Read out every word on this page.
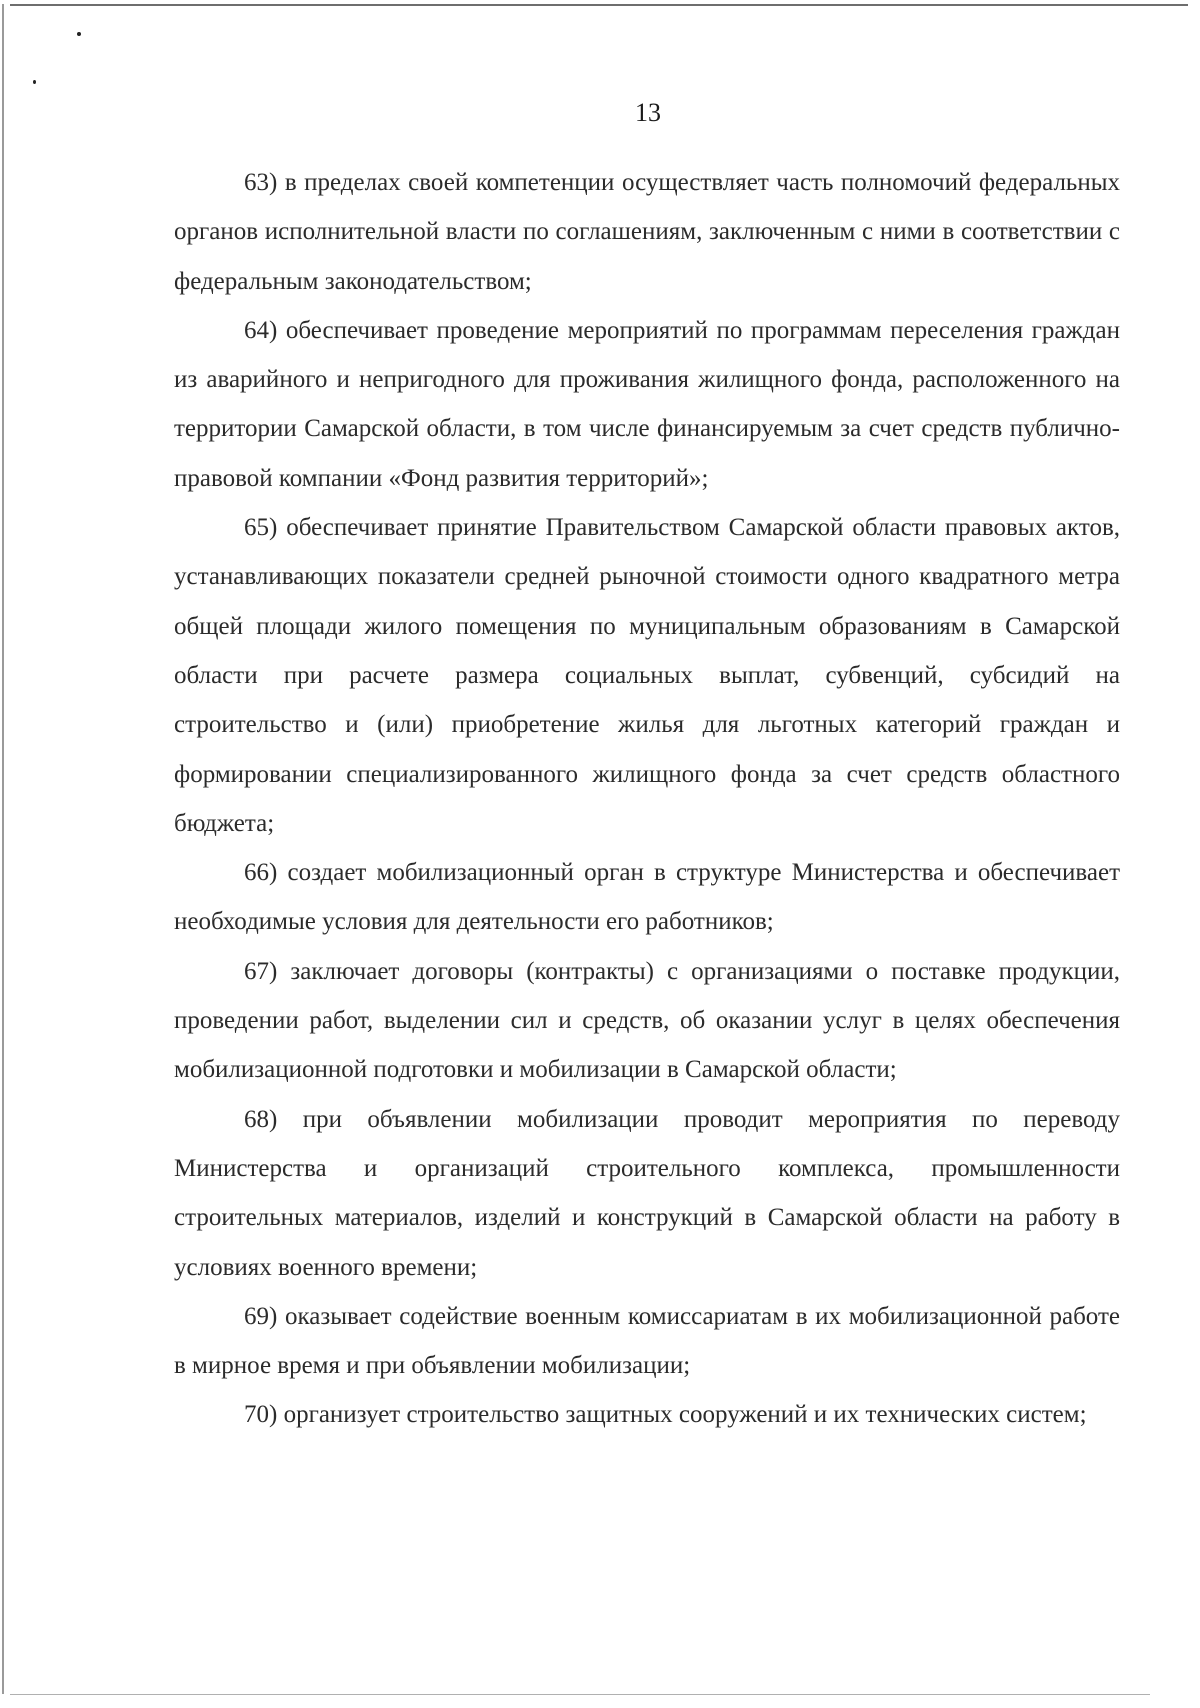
13

63) в пределах своей компетенции осуществляет часть полномочий федеральных органов исполнительной власти по соглашениям, заключенным с ними в соответствии с федеральным законодательством;

64) обеспечивает проведение мероприятий по программам переселения граждан из аварийного и непригодного для проживания жилищного фонда, расположенного на территории Самарской области, в том числе финансируемым за счет средств публично-правовой компании «Фонд развития территорий»;

65) обеспечивает принятие Правительством Самарской области правовых актов, устанавливающих показатели средней рыночной стоимости одного квадратного метра общей площади жилого помещения по муниципальным образованиям в Самарской области при расчете размера социальных выплат, субвенций, субсидий на строительство и (или) приобретение жилья для льготных категорий граждан и формировании специализированного жилищного фонда за счет средств областного бюджета;

66) создает мобилизационный орган в структуре Министерства и обеспечивает необходимые условия для деятельности его работников;

67) заключает договоры (контракты) с организациями о поставке продукции, проведении работ, выделении сил и средств, об оказании услуг в целях обеспечения мобилизационной подготовки и мобилизации в Самарской области;

68) при объявлении мобилизации проводит мероприятия по переводу Министерства и организаций строительного комплекса, промышленности строительных материалов, изделий и конструкций в Самарской области на работу в условиях военного времени;

69) оказывает содействие военным комиссариатам в их мобилизационной работе в мирное время и при объявлении мобилизации;

70) организует строительство защитных сооружений и их технических систем;
